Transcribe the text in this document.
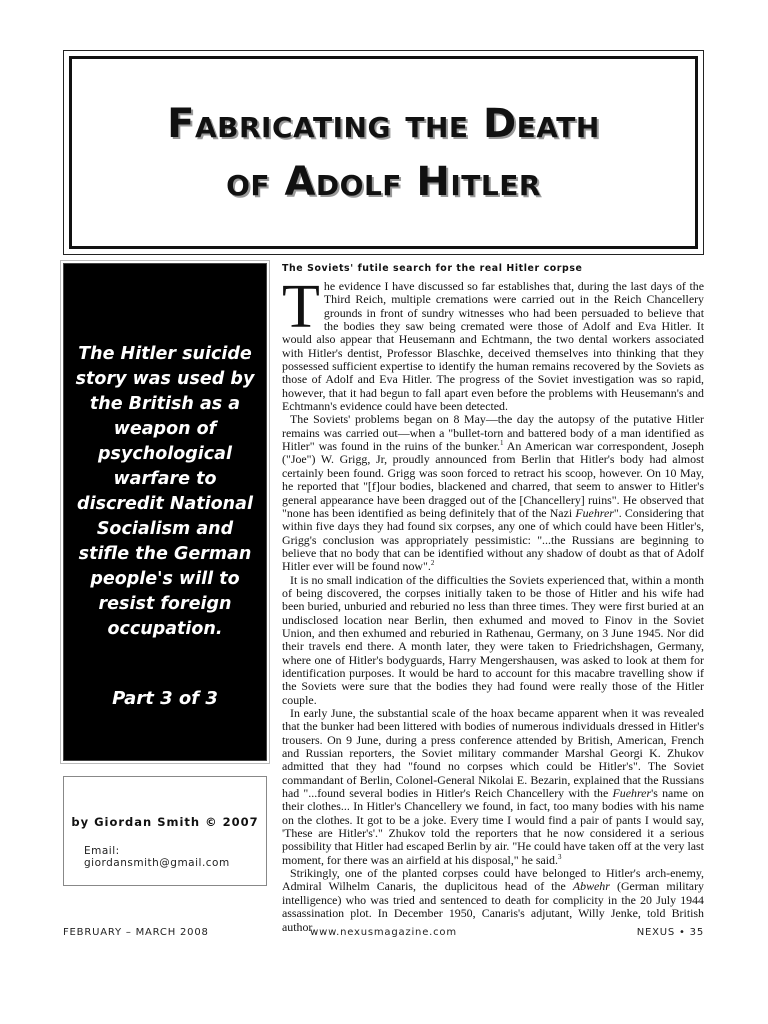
Fabricating the Death
of Adolf Hitler
The Hitler suicide story was used by the British as a weapon of psychological warfare to discredit National Socialism and stifle the German people's will to resist foreign occupation.
Part 3 of 3
by Giordan Smith © 2007
Email: giordansmith@gmail.com
The Soviets' futile search for the real Hitler corpse

The evidence I have discussed so far establishes that, during the last days of the Third Reich, multiple cremations were carried out in the Reich Chancellery grounds in front of sundry witnesses who had been persuaded to believe that the bodies they saw being cremated were those of Adolf and Eva Hitler. It would also appear that Heusemann and Echtmann, the two dental workers associated with Hitler's dentist, Professor Blaschke, deceived themselves into thinking that they possessed sufficient expertise to identify the human remains recovered by the Soviets as those of Adolf and Eva Hitler. The progress of the Soviet investigation was so rapid, however, that it had begun to fall apart even before the problems with Heusemann's and Echtmann's evidence could have been detected.

The Soviets' problems began on 8 May—the day the autopsy of the putative Hitler remains was carried out—when a "bullet-torn and battered body of a man identified as Hitler" was found in the ruins of the bunker.$^1$ An American war correspondent, Joseph ("Joe") W. Grigg, Jr, proudly announced from Berlin that Hitler's body had almost certainly been found. Grigg was soon forced to retract his scoop, however. On 10 May, he reported that "[f]our bodies, blackened and charred, that seem to answer to Hitler's general appearance have been dragged out of the [Chancellery] ruins". He observed that "none has been identified as being definitely that of the Nazi Fuehrer". Considering that within five days they had found six corpses, any one of which could have been Hitler's, Grigg's conclusion was appropriately pessimistic: "...the Russians are beginning to believe that no body that can be identified without any shadow of doubt as that of Adolf Hitler ever will be found now".$^2$

It is no small indication of the difficulties the Soviets experienced that, within a month of being discovered, the corpses initially taken to be those of Hitler and his wife had been buried, unburied and reburied no less than three times. They were first buried at an undisclosed location near Berlin, then exhumed and moved to Finov in the Soviet Union, and then exhumed and reburied in Rathenau, Germany, on 3 June 1945. Nor did their travels end there. A month later, they were taken to Friedrichshagen, Germany, where one of Hitler's bodyguards, Harry Mengershausen, was asked to look at them for identification purposes. It would be hard to account for this macabre travelling show if the Soviets were sure that the bodies they had found were really those of the Hitler couple.

In early June, the substantial scale of the hoax became apparent when it was revealed that the bunker had been littered with bodies of numerous individuals dressed in Hitler's trousers. On 9 June, during a press conference attended by British, American, French and Russian reporters, the Soviet military commander Marshal Georgi K. Zhukov admitted that they had "found no corpses which could be Hitler's". The Soviet commandant of Berlin, Colonel-General Nikolai E. Bezarin, explained that the Russians had "...found several bodies in Hitler's Reich Chancellery with the Fuehrer's name on their clothes... In Hitler's Chancellery we found, in fact, too many bodies with his name on the clothes. It got to be a joke. Every time I would find a pair of pants I would say, 'These are Hitler's'." Zhukov told the reporters that he now considered it a serious possibility that Hitler had escaped Berlin by air. "He could have taken off at the very last moment, for there was an airfield at his disposal," he said.$^3$

Strikingly, one of the planted corpses could have belonged to Hitler's arch-enemy, Admiral Wilhelm Canaris, the duplicitous head of the Abwehr (German military intelligence) who was tried and sentenced to death for complicity in the 20 July 1944 assassination plot. In December 1950, Canaris's adjutant, Willy Jenke, told British author

FEBRUARY – MARCH 2008	www.nexusmagazine.com	NEXUS • 35
